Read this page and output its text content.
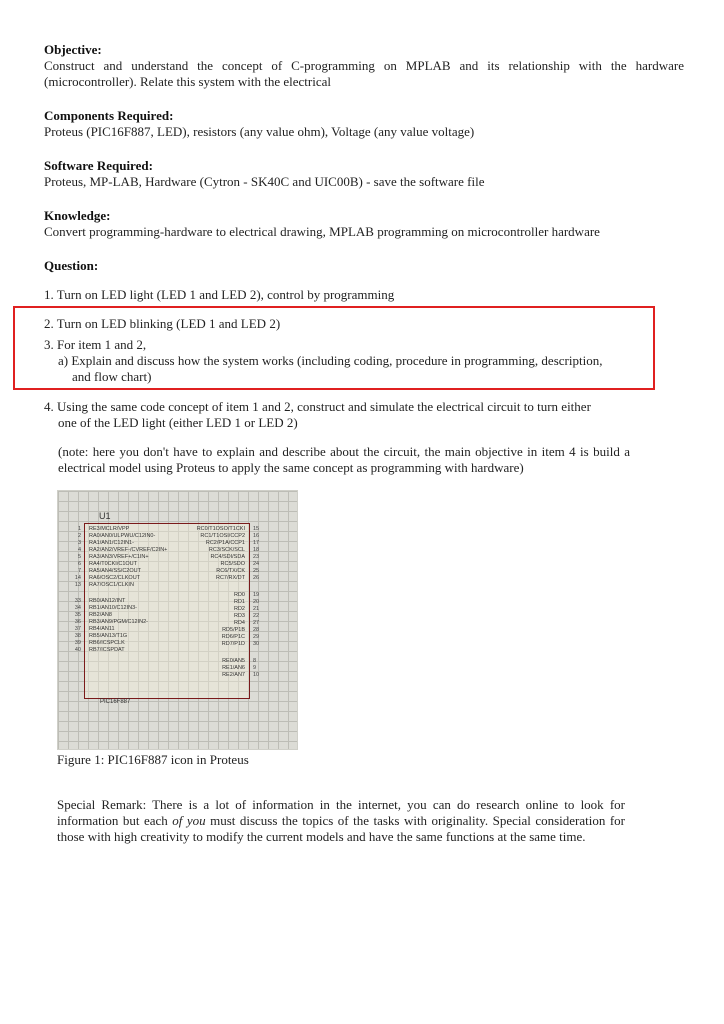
Objective:
Construct and understand the concept of C-programming on MPLAB and its relationship with the hardware (microcontroller). Relate this system with the electrical
Components Required:
Proteus (PIC16F887, LED), resistors (any value ohm), Voltage (any value voltage)
Software Required:
Proteus, MP-LAB, Hardware (Cytron - SK40C and UIC00B) - save the software file
Knowledge:
Convert programming-hardware to electrical drawing, MPLAB programming on microcontroller hardware
Question:
1. Turn on LED light (LED 1 and LED 2), control by programming
2. Turn on LED blinking (LED 1 and LED 2)
3. For item 1 and 2,
a) Explain and discuss how the system works (including coding, procedure in programming, description,
and flow chart)
4. Using the same code concept of item 1 and 2, construct and simulate the electrical circuit to turn either
one of the LED light (either LED 1 or LED 2)
(note: here you don't have to explain and describe about the circuit, the main objective in item 4 is build a electrical model using Proteus to apply the same concept as programming with hardware)
U1
RE3/MCLR/VPP
1
RA0/AN0/ULPWU/C12IN0-
2
RA1/AN1/C12IN1-
3
RA2/AN2/VREF-/CVREF/C2IN+
4
RA3/AN3/VREF+/C1IN+
5
RA4/T0CKI/C1OUT
6
RA5/AN4/SS/C2OUT
7
RA6/OSC2/CLKOUT
14
RA7/OSC1/CLKIN
13
RB0/AN12/INT
33
RB1/AN10/C12IN3-
34
RB2/AN8
35
RB3/AN9/PGM/C12IN2-
36
RB4/AN11
37
RB5/AN13/T1G
38
RB6/ICSPCLK
39
RB7/ICSPDAT
40
RC0/T1OSO/T1CKI 15
RC1/T1OSI/CCP2 16
RC2/P1A/CCP1 17
RC3/SCK/SCL 18
RC4/SDI/SDA 23
RC5/SDO 24
RC6/TX/CK 25
RC7/RX/DT 26
RD0 19
RD1 20
RD2 21
RD3 22
RD4 27
RD5/P1B 28
RD6/P1C 29
RD7/P1D 30
RE0/AN5 8
RE1/AN6 9
RE2/AN7 10
PIC16F887
Figure 1: PIC16F887 icon in Proteus
Special Remark: There is a lot of information in the internet, you can do research online to look for information but each of you must discuss the topics of the tasks with originality. Special consideration for those with high creativity to modify the current models and have the same functions at the same time.
